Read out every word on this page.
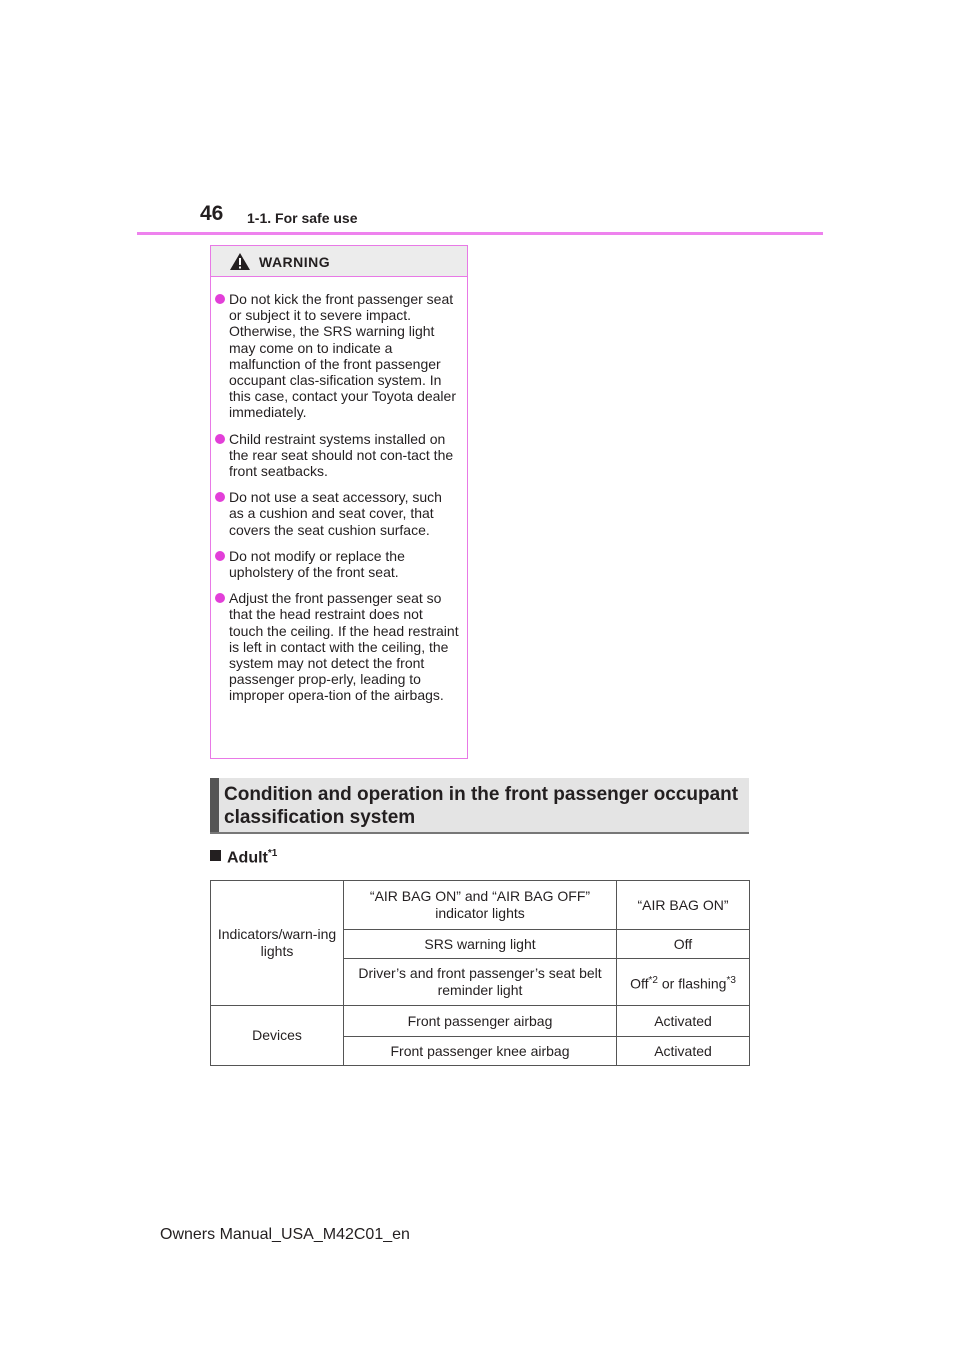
46 1-1. For safe use
WARNING
Do not kick the front passenger seat or subject it to severe impact. Otherwise, the SRS warning light may come on to indicate a malfunction of the front passenger occupant clas-sification system. In this case, contact your Toyota dealer immediately.
Child restraint systems installed on the rear seat should not con-tact the front seatbacks.
Do not use a seat accessory, such as a cushion and seat cover, that covers the seat cushion surface.
Do not modify or replace the upholstery of the front seat.
Adjust the front passenger seat so that the head restraint does not touch the ceiling. If the head restraint is left in contact with the ceiling, the system may not detect the front passenger prop-erly, leading to improper opera-tion of the airbags.
Condition and operation in the front passenger occupant classification system
Adult$^{*1}$
Indicators/warn-ing lights	“AIR BAG ON” and “AIR BAG OFF” indicator lights	“AIR BAG ON”
	SRS warning light	Off
	Driver’s and front passenger’s seat belt reminder light	Off$^{*2}$ or flashing$^{*3}$
Devices	Front passenger airbag	Activated
	Front passenger knee airbag	Activated
Owners Manual_USA_M42C01_en
